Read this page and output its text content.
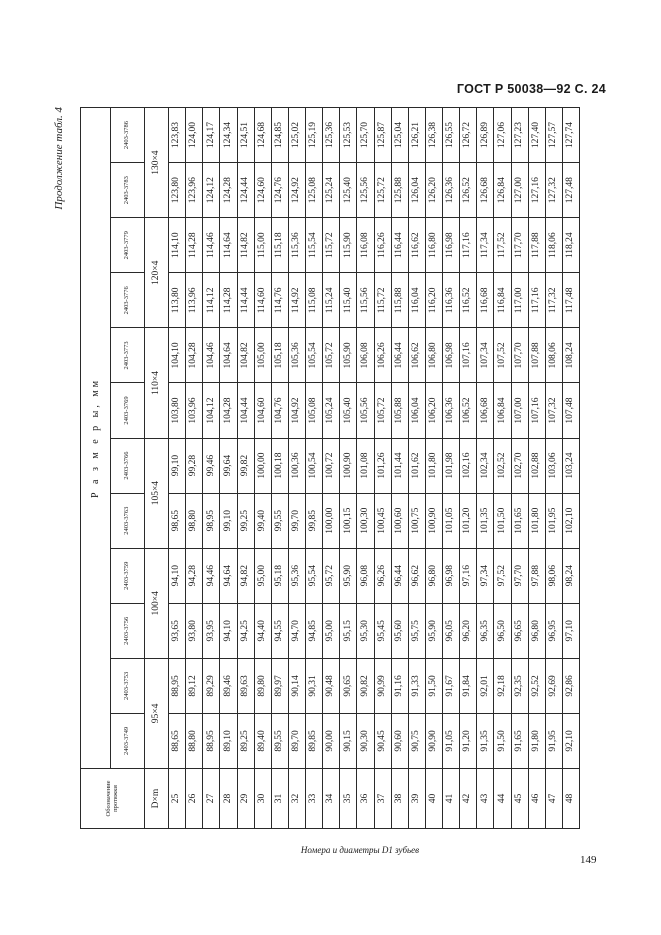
ГОСТ Р 50038—92 С. 24
Продолжение табл. 4
Номера и диаметры D1 зубьев
Обозначение протяжки	Р а з м е р ы, мм											
	2403-3749	2403-3753	2403-3756	2403-3759	2403-3763	2403-3766	2403-3769	2403-3773	2403-3776	2403-3779	2403-3783	2403-3786
D×m	95×4		100×4		105×4		110×4		120×4		130×4	
25	88,65	88,95	93,65	94,10	98,65	99,10	103,80	104,10	113,80	114,10	123,80	123,83
26	88,80	89,12	93,80	94,28	98,80	99,28	103,96	104,28	113,96	114,28	123,96	124,00
27	88,95	89,29	93,95	94,46	98,95	99,46	104,12	104,46	114,12	114,46	124,12	124,17
28	89,10	89,46	94,10	94,64	99,10	99,64	104,28	104,64	114,28	114,64	124,28	124,34
29	89,25	89,63	94,25	94,82	99,25	99,82	104,44	104,82	114,44	114,82	124,44	124,51
30	89,40	89,80	94,40	95,00	99,40	100,00	104,60	105,00	114,60	115,00	124,60	124,68
31	89,55	89,97	94,55	95,18	99,55	100,18	104,76	105,18	114,76	115,18	124,76	124,85
32	89,70	90,14	94,70	95,36	99,70	100,36	104,92	105,36	114,92	115,36	124,92	125,02
33	89,85	90,31	94,85	95,54	99,85	100,54	105,08	105,54	115,08	115,54	125,08	125,19
34	90,00	90,48	95,00	95,72	100,00	100,72	105,24	105,72	115,24	115,72	125,24	125,36
35	90,15	90,65	95,15	95,90	100,15	100,90	105,40	105,90	115,40	115,90	125,40	125,53
36	90,30	90,82	95,30	96,08	100,30	101,08	105,56	106,08	115,56	116,08	125,56	125,70
37	90,45	90,99	95,45	96,26	100,45	101,26	105,72	106,26	115,72	116,26	125,72	125,87
38	90,60	91,16	95,60	96,44	100,60	101,44	105,88	106,44	115,88	116,44	125,88	125,04
39	90,75	91,33	95,75	96,62	100,75	101,62	106,04	106,62	116,04	116,62	126,04	126,21
40	90,90	91,50	95,90	96,80	100,90	101,80	106,20	106,80	116,20	116,80	126,20	126,38
41	91,05	91,67	96,05	96,98	101,05	101,98	106,36	106,98	116,36	116,98	126,36	126,55
42	91,20	91,84	96,20	97,16	101,20	102,16	106,52	107,16	116,52	117,16	126,52	126,72
43	91,35	92,01	96,35	97,34	101,35	102,34	106,68	107,34	116,68	117,34	126,68	126,89
44	91,50	92,18	96,50	97,52	101,50	102,52	106,84	107,52	116,84	117,52	126,84	127,06
45	91,65	92,35	96,65	97,70	101,65	102,70	107,00	107,70	117,00	117,70	127,00	127,23
46	91,80	92,52	96,80	97,88	101,80	102,88	107,16	107,88	117,16	117,88	127,16	127,40
47	91,95	92,69	96,95	98,06	101,95	103,06	107,32	108,06	117,32	118,06	127,32	127,57
48	92,10	92,86	97,10	98,24	102,10	103,24	107,48	108,24	117,48	118,24	127,48	127,74
149
